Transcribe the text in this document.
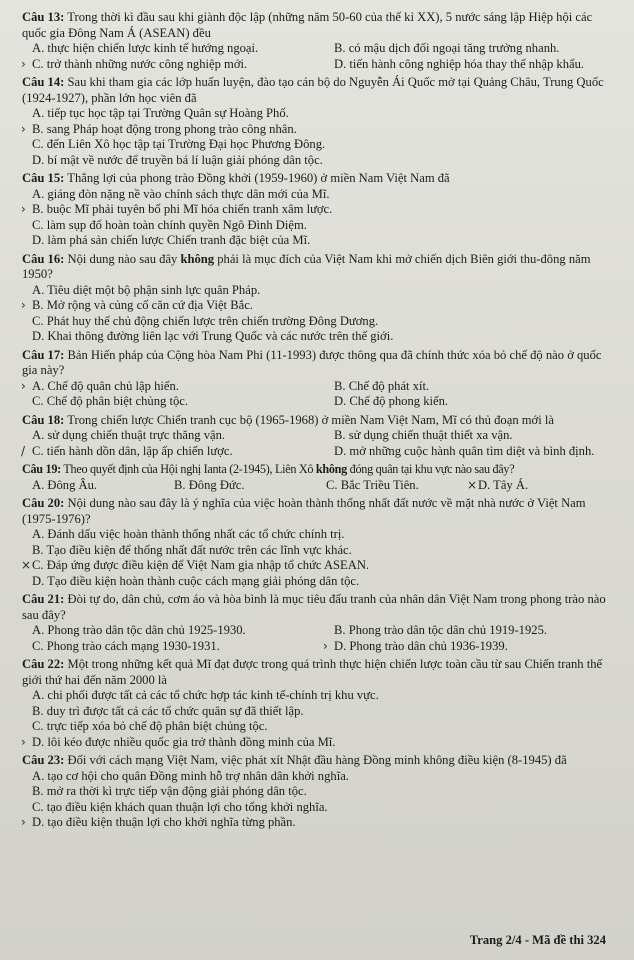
Câu 13: Trong thời kì đầu sau khi giành độc lập (những năm 50-60 của thế kỉ XX), 5 nước sáng lập Hiệp hội các quốc gia Đông Nam Á (ASEAN) đều
A. thực hiện chiến lược kinh tế hướng ngoại.	B. có mậu dịch đối ngoại tăng trưởng nhanh.
› C. trở thành những nước công nghiệp mới.	D. tiến hành công nghiệp hóa thay thế nhập khẩu.
Câu 14: Sau khi tham gia các lớp huấn luyện, đào tạo cán bộ do Nguyễn Ái Quốc mở tại Quảng Châu, Trung Quốc (1924-1927), phần lớn học viên đã
A. tiếp tục học tập tại Trường Quân sự Hoàng Phố.
› B. sang Pháp hoạt động trong phong trào công nhân.
C. đến Liên Xô học tập tại Trường Đại học Phương Đông.
D. bí mật về nước để truyền bá lí luận giải phóng dân tộc.
Câu 15: Thắng lợi của phong trào Đồng khởi (1959-1960) ở miền Nam Việt Nam đã
A. giáng đòn nặng nề vào chính sách thực dân mới của Mĩ.
› B. buộc Mĩ phải tuyên bố phi Mĩ hóa chiến tranh xâm lược.
C. làm sụp đổ hoàn toàn chính quyền Ngô Đình Diệm.
D. làm phá sản chiến lược Chiến tranh đặc biệt của Mĩ.
Câu 16: Nội dung nào sau đây không phải là mục đích của Việt Nam khi mở chiến dịch Biên giới thu-đông năm 1950?
A. Tiêu diệt một bộ phận sinh lực quân Pháp.
› B. Mở rộng và củng cố căn cứ địa Việt Bắc.
C. Phát huy thế chủ động chiến lược trên chiến trường Đông Dương.
D. Khai thông đường liên lạc với Trung Quốc và các nước trên thế giới.
Câu 17: Bản Hiến pháp của Cộng hòa Nam Phi (11-1993) được thông qua đã chính thức xóa bỏ chế độ nào ở quốc gia này?
› A. Chế độ quân chủ lập hiến.	B. Chế độ phát xít.
C. Chế độ phân biệt chủng tộc.	D. Chế độ phong kiến.
Câu 18: Trong chiến lược Chiến tranh cục bộ (1965-1968) ở miền Nam Việt Nam, Mĩ có thủ đoạn mới là
A. sử dụng chiến thuật trực thăng vận.	B. sử dụng chiến thuật thiết xa vận.
/ C. tiến hành dồn dân, lập ấp chiến lược.	D. mở những cuộc hành quân tìm diệt và bình định.
Câu 19: Theo quyết định của Hội nghị Ianta (2-1945), Liên Xô không đóng quân tại khu vực nào sau đây?
A. Đông Âu.	B. Đông Đức.	C. Bắc Triều Tiên.	× D. Tây Á.
Câu 20: Nội dung nào sau đây là ý nghĩa của việc hoàn thành thống nhất đất nước về mặt nhà nước ở Việt Nam (1975-1976)?
A. Đánh dấu việc hoàn thành thống nhất các tổ chức chính trị.
B. Tạo điều kiện để thống nhất đất nước trên các lĩnh vực khác.
× C. Đáp ứng được điều kiện để Việt Nam gia nhập tổ chức ASEAN.
D. Tạo điều kiện hoàn thành cuộc cách mạng giải phóng dân tộc.
Câu 21: Đòi tự do, dân chủ, cơm áo và hòa bình là mục tiêu đấu tranh của nhân dân Việt Nam trong phong trào nào sau đây?
A. Phong trào dân tộc dân chủ 1925-1930.	B. Phong trào dân tộc dân chủ 1919-1925.
C. Phong trào cách mạng 1930-1931.	› D. Phong trào dân chủ 1936-1939.
Câu 22: Một trong những kết quả Mĩ đạt được trong quá trình thực hiện chiến lược toàn cầu từ sau Chiến tranh thế giới thứ hai đến năm 2000 là
A. chi phối được tất cả các tổ chức hợp tác kinh tế-chính trị khu vực.
B. duy trì được tất cả các tổ chức quân sự đã thiết lập.
C. trực tiếp xóa bỏ chế độ phân biệt chủng tộc.
› D. lôi kéo được nhiều quốc gia trở thành đồng minh của Mĩ.
Câu 23: Đối với cách mạng Việt Nam, việc phát xít Nhật đầu hàng Đồng minh không điều kiện (8-1945) đã
A. tạo cơ hội cho quân Đồng minh hỗ trợ nhân dân khởi nghĩa.
B. mở ra thời kì trực tiếp vận động giải phóng dân tộc.
C. tạo điều kiện khách quan thuận lợi cho tổng khởi nghĩa.
› D. tạo điều kiện thuận lợi cho khởi nghĩa từng phần.
Trang 2/4 - Mã đề thi 324
